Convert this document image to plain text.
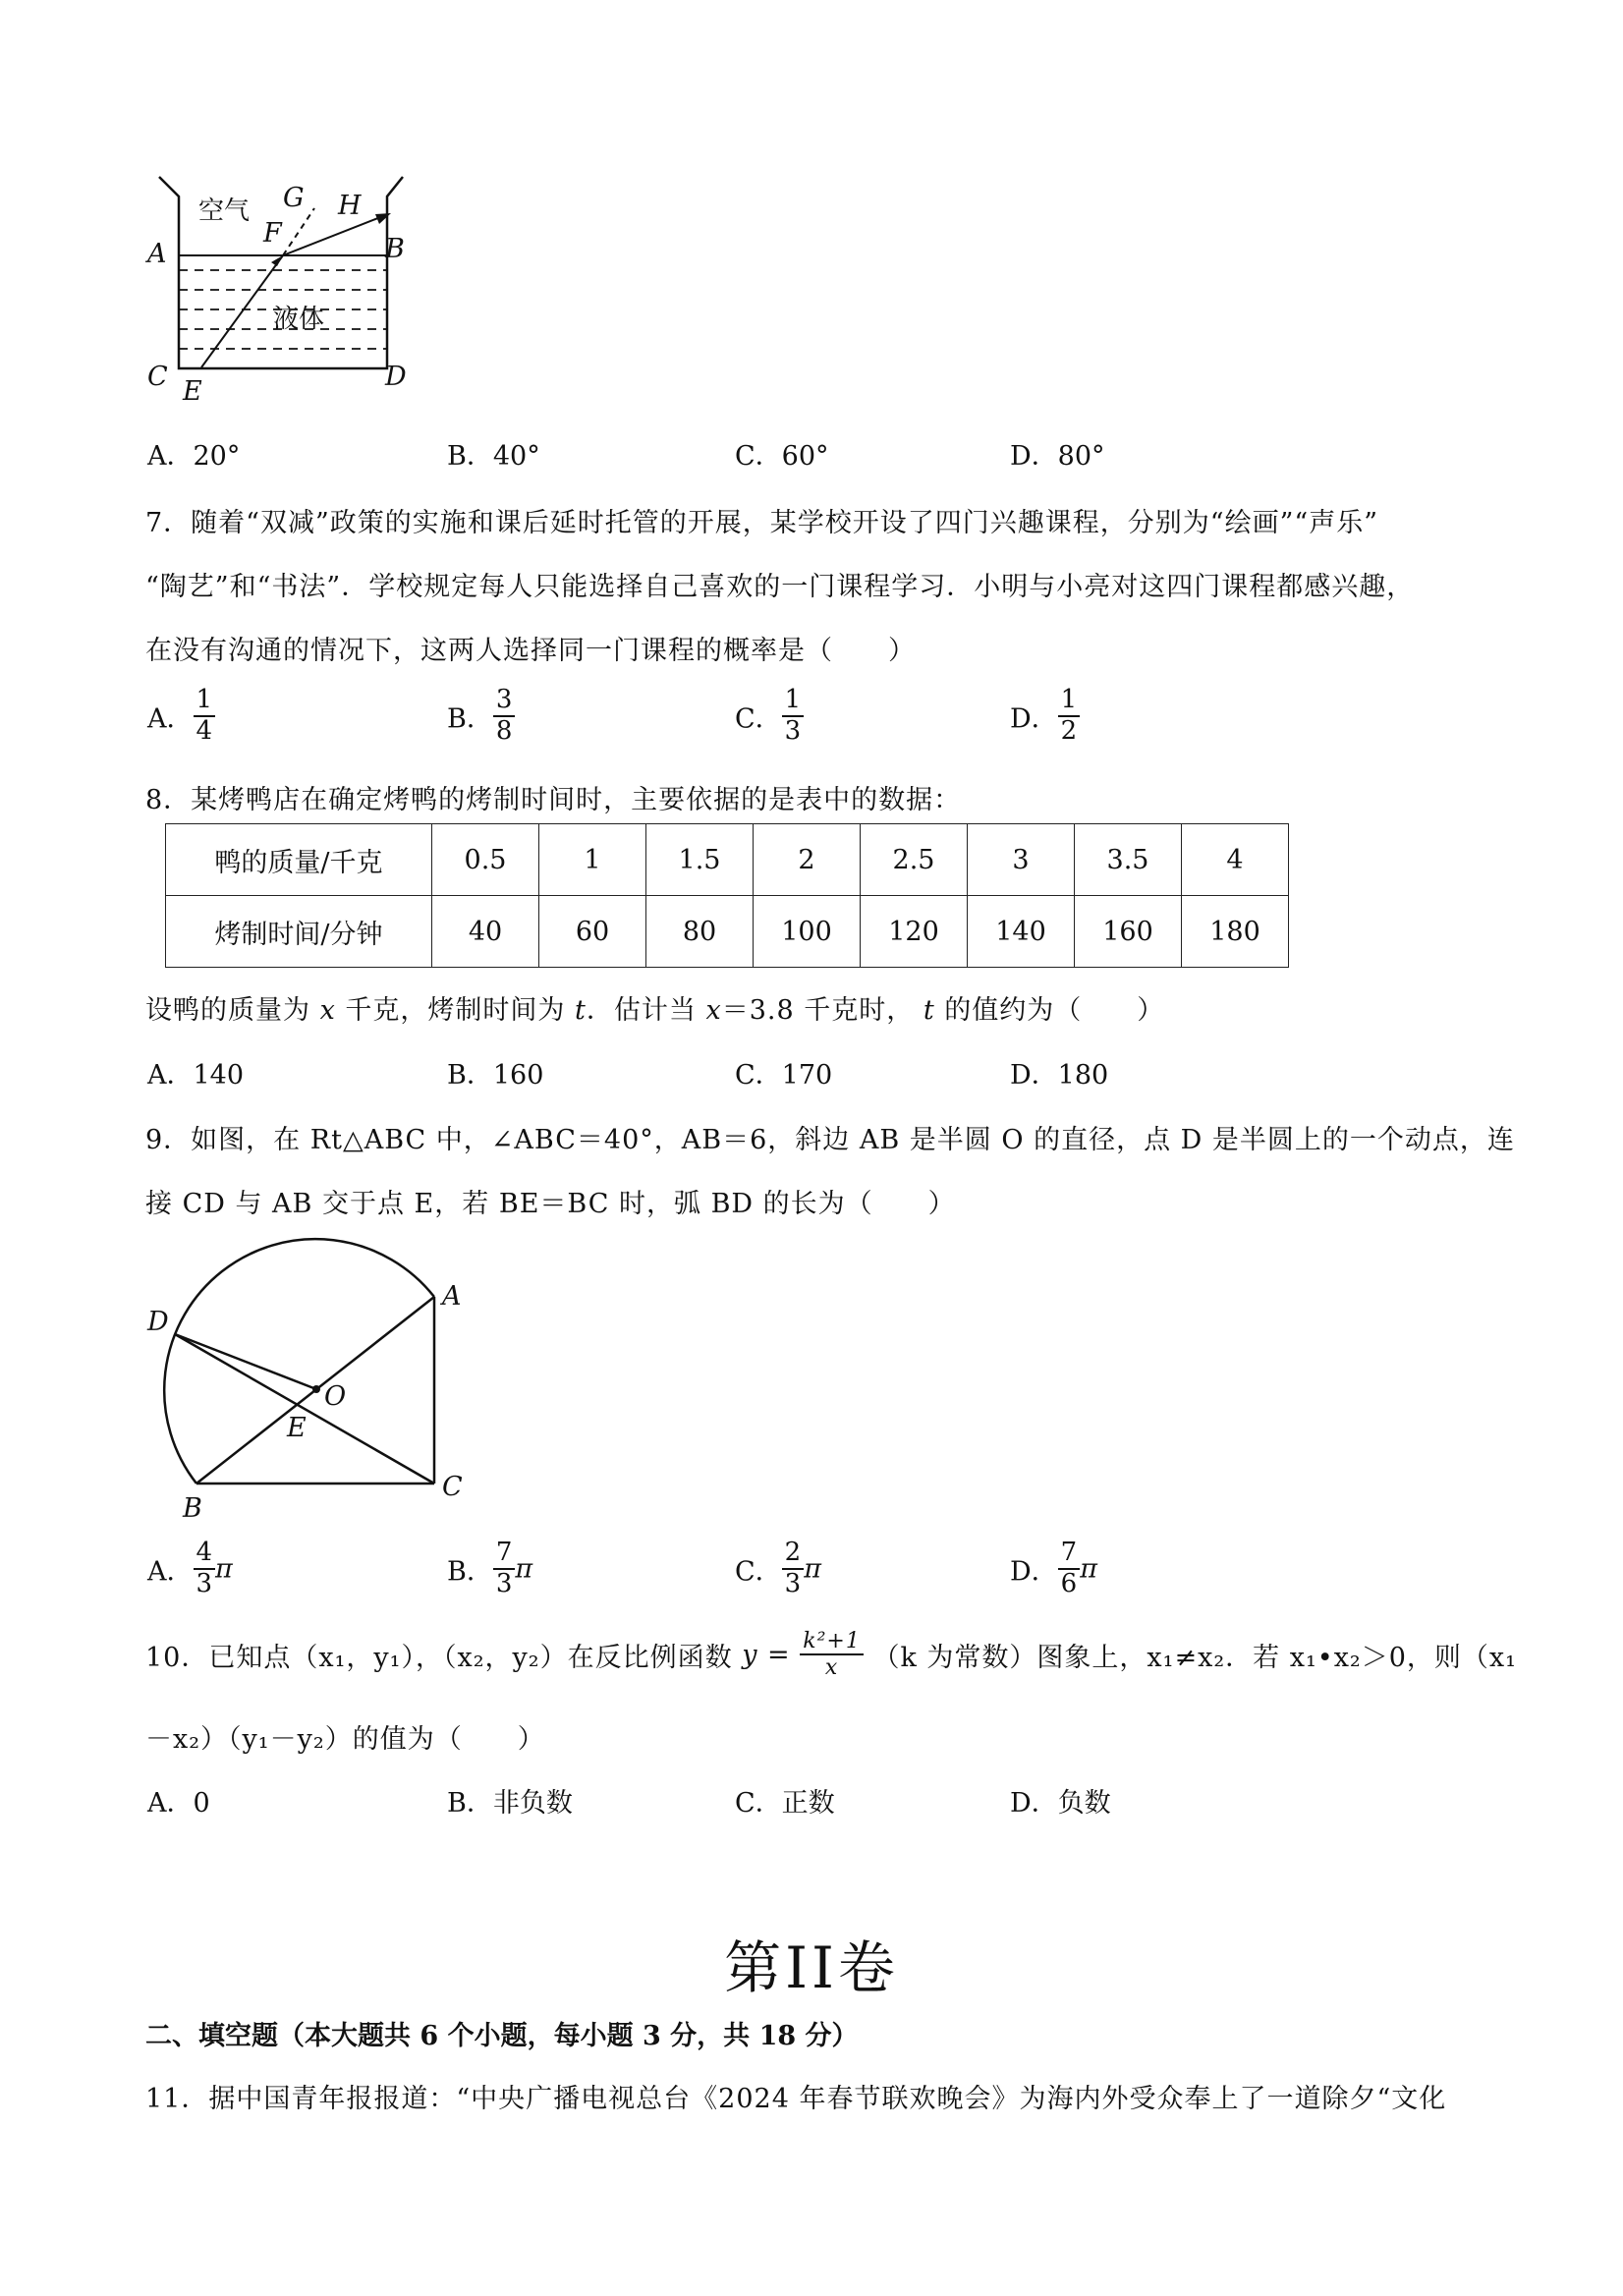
空气
液体
A	B
C	D
E
F
G H
A．20°	B．40°	C．60°	D．80°
7．随着“双减”政策的实施和课后延时托管的开展，某学校开设了四门兴趣课程，分别为“绘画”“声乐”
“陶艺”和“书法”．学校规定每人只能选择自己喜欢的一门课程学习．小明与小亮对这四门课程都感兴趣，
在没有沟通的情况下，这两人选择同一门课程的概率是（　　）
A． $\frac{1}{4}$	B． $\frac{3}{8}$	C． $\frac{1}{3}$	D． $\frac{1}{2}$
8．某烤鸭店在确定烤鸭的烤制时间时，主要依据的是表中的数据：
鸭的质量/千克	0.5	1	1.5	2	2.5	3	3.5	4
烤制时间/分钟	40	60	80	100	120	140	160	180
设鸭的质量为 x 千克，烤制时间为 t．估计当 x＝3.8 千克时， t 的值约为（　　）
A．140	B．160	C．170	D．180
9．如图，在 Rt△ABC 中，∠ABC＝40°，AB＝6，斜边 AB 是半圆 O 的直径，点 D 是半圆上的一个动点，连
接 CD 与 AB 交于点 E，若 BE＝BC 时，弧 BD 的长为（　　）
D
A
O
E
B
C
A． $\frac{4}{3}$ π	B． $\frac{7}{3}$ π	C． $\frac{2}{3}$ π	D． $\frac{7}{6}$ π
10．已知点（x₁，y₁），（x₂，y₂）在反比例函数 $y = \frac{\text{k²+1}}{x} (k$ 为常数）图象上，x₁≠x₂．若 x₁•x₂＞0，则（x₁
－x₂）（y₁－y₂）的值为（　　）
A．0	B．非负数	C．正数	D．负数
第II卷
二、填空题（本大题共 6 个小题，每小题 3 分，共 18 分）
11．据中国青年报报道：“中央广播电视总台《2024 年春节联欢晚会》为海内外受众奉上了一道除夕“文化
